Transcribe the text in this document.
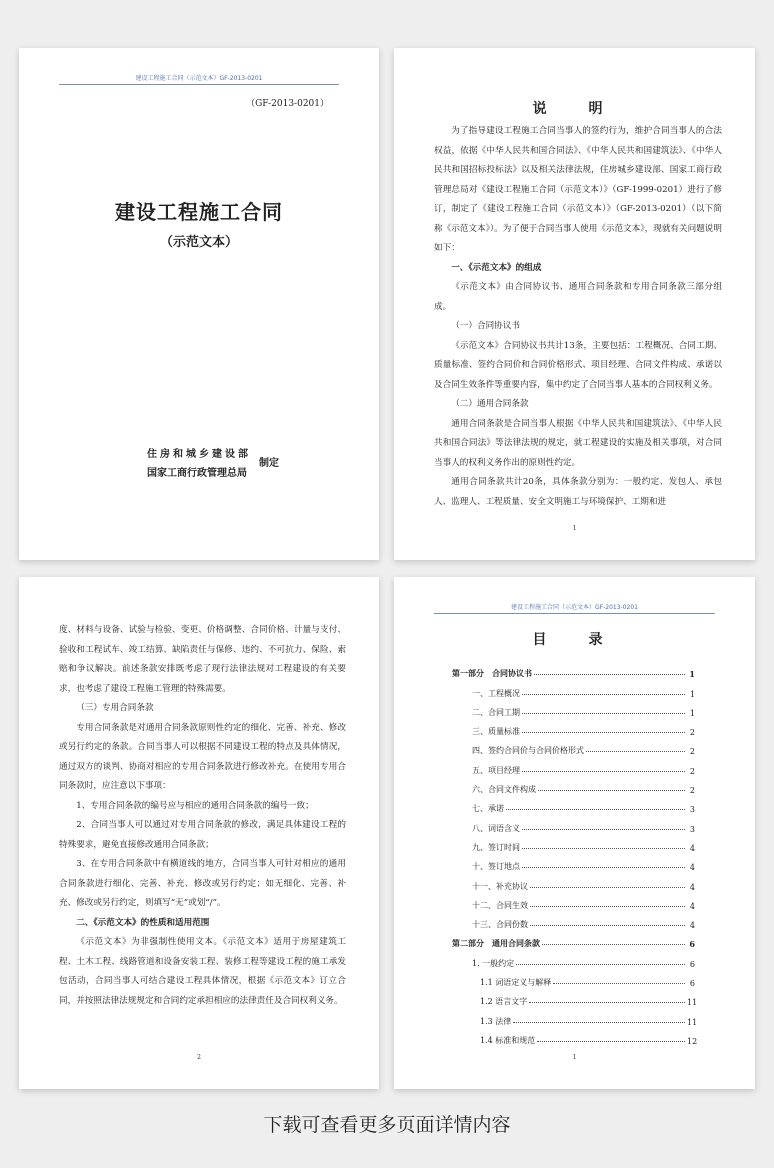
建设工程施工合同（示范文本）GF-2013-0201
（GF-2013-0201）
建设工程施工合同
（示范文本）
住房和城乡建设部
国家工商行政管理总局
制定
说　明

为了指导建设工程施工合同当事人的签约行为，维护合同当事人的合法权益，依据《中华人民共和国合同法》、《中华人民共和国建筑法》、《中华人民共和国招标投标法》以及相关法律法规，住房城乡建设部、国家工商行政管理总局对《建设工程施工合同（示范文本）》（GF-1999-0201）进行了修订，制定了《建设工程施工合同（示范文本）》（GF-2013-0201）（以下简称《示范文本》）。为了便于合同当事人使用《示范文本》，现就有关问题说明如下：

一、《示范文本》的组成

《示范文本》由合同协议书、通用合同条款和专用合同条款三部分组成。

（一）合同协议书

《示范文本》合同协议书共计13条，主要包括：工程概况、合同工期、质量标准、签约合同价和合同价格形式、项目经理、合同文件构成、承诺以及合同生效条件等重要内容，集中约定了合同当事人基本的合同权利义务。

（二）通用合同条款

通用合同条款是合同当事人根据《中华人民共和国建筑法》、《中华人民共和国合同法》等法律法规的规定，就工程建设的实施及相关事项，对合同当事人的权利义务作出的原则性约定。

通用合同条款共计20条，具体条款分别为：一般约定、发包人、承包人、监理人、工程质量、安全文明施工与环境保护、工期和进

1

度、材料与设备、试验与检验、变更、价格调整、合同价格、计量与支付、验收和工程试车、竣工结算、缺陷责任与保修、违约、不可抗力、保险、索赔和争议解决。前述条款安排既考虑了现行法律法规对工程建设的有关要求，也考虑了建设工程施工管理的特殊需要。

（三）专用合同条款

专用合同条款是对通用合同条款原则性约定的细化、完善、补充、修改或另行约定的条款。合同当事人可以根据不同建设工程的特点及具体情况，通过双方的谈判、协商对相应的专用合同条款进行修改补充。在使用专用合同条款时，应注意以下事项：

1、专用合同条款的编号应与相应的通用合同条款的编号一致；

2、合同当事人可以通过对专用合同条款的修改，满足具体建设工程的特殊要求，避免直接修改通用合同条款；

3、在专用合同条款中有横道线的地方，合同当事人可针对相应的通用合同条款进行细化、完善、补充、修改或另行约定；如无细化、完善、补充、修改或另行约定，则填写“无”或划“/”。

二、《示范文本》的性质和适用范围

《示范文本》为非强制性使用文本。《示范文本》适用于房屋建筑工程、土木工程、线路管道和设备安装工程、装修工程等建设工程的施工承发包活动，合同当事人可结合建设工程具体情况，根据《示范文本》订立合同，并按照法律法规规定和合同约定承担相应的法律责任及合同权利义务。

2
建设工程施工合同（示范文本）GF-2013-0201
目　录
第一部分　合同协议书	1
一、工程概况	1
二、合同工期	1
三、质量标准	2
四、签约合同价与合同价格形式	2
五、项目经理	2
六、合同文件构成	2
七、承诺	3
八、词语含义	3
九、签订时间	4
十、签订地点	4
十一、补充协议	4
十二、合同生效	4
十三、合同份数	4
第二部分　通用合同条款	6
1. 一般约定	6
1.1 词语定义与解释	6
1.2 语言文字	11
1.3 法律	11
1.4 标准和规范	12
1
下载可查看更多页面详情内容
